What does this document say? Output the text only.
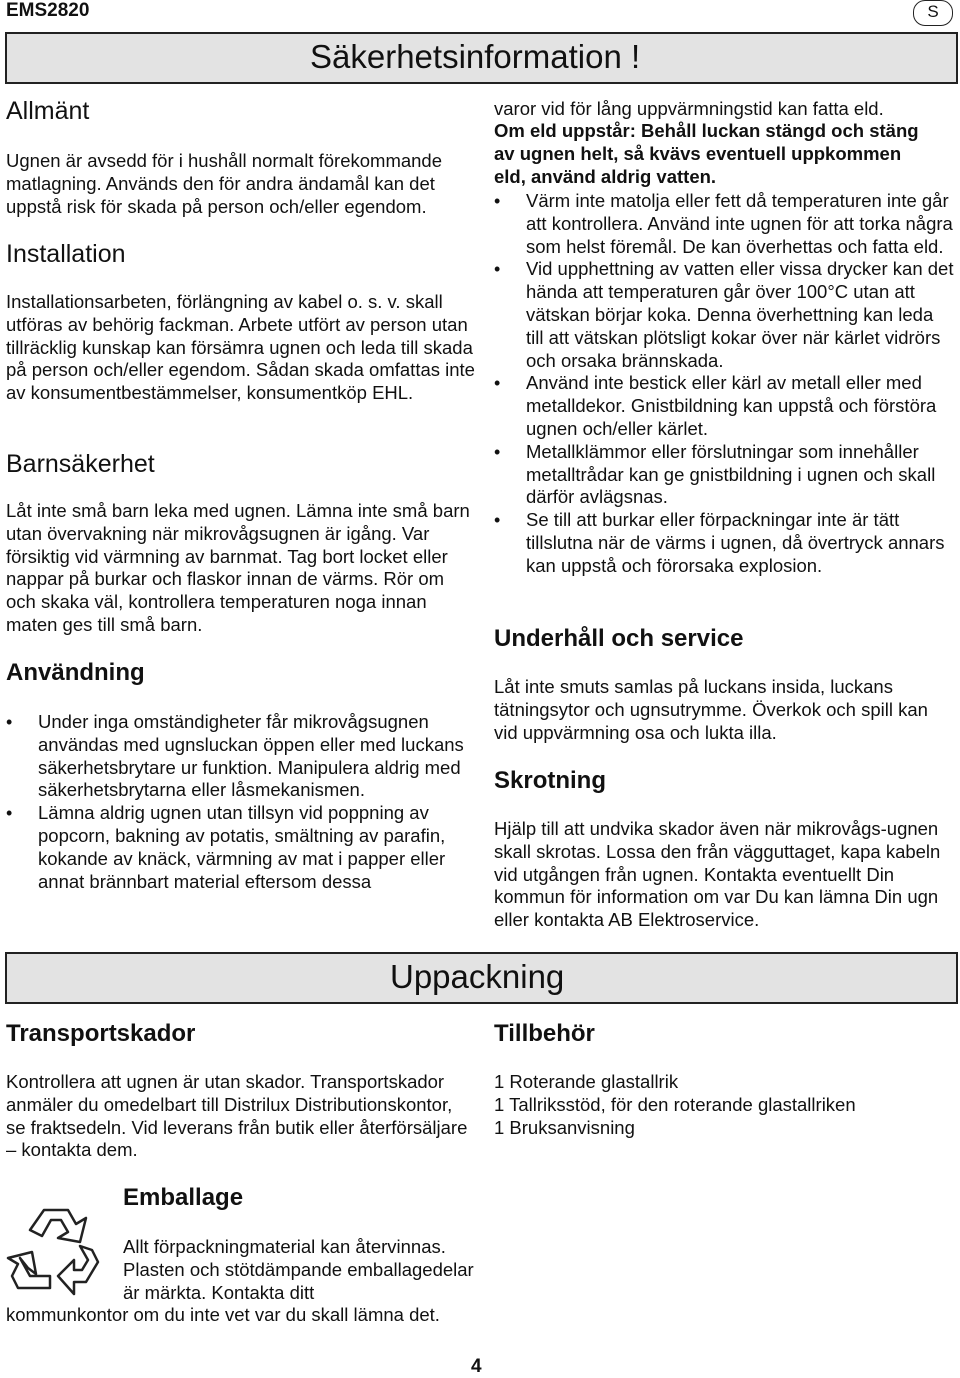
EMS2820	S
Säkerhetsinformation !
Allmänt
Ugnen är avsedd för i hushåll normalt förekommande matlagning. Används den för andra ändamål kan det uppstå risk för skada på person och/eller egendom.
Installation
Installationsarbeten, förlängning av kabel o. s. v. skall utföras av behörig fackman. Arbete utfört av person utan tillräcklig kunskap kan försämra ugnen och leda till skada på person och/eller egendom. Sådan skada omfattas inte av konsumentbestämmelser, konsumentköp EHL.
Barnsäkerhet
Låt inte små barn leka med ugnen. Lämna inte små barn utan övervakning när mikrovågsugnen är igång. Var försiktig vid värmning av barnmat. Tag bort locket eller nappar på burkar och flaskor innan de värms. Rör om och skaka väl, kontrollera temperaturen noga innan maten ges till små barn.
Användning
• Under inga omständigheter får mikrovågsugnen användas med ugnsluckan öppen eller med luckans säkerhetsbrytare ur funktion. Manipulera aldrig med säkerhetsbrytarna eller låsmekanismen.
• Lämna aldrig ugnen utan tillsyn vid poppning av popcorn, bakning av potatis, smältning av parafin, kokande av knäck, värmning av mat i papper eller annat brännbart material eftersom dessa
varor vid för lång uppvärmningstid kan fatta eld.
Om eld uppstår: Behåll luckan stängd och stäng av ugnen helt, så kvävs eventuell uppkommen eld, använd aldrig vatten.
• Värm inte matolja eller fett då temperaturen inte går att kontrollera. Använd inte ugnen för att torka några som helst föremål. De kan överhettas och fatta eld.
• Vid upphettning av vatten eller vissa drycker kan det hända att temperaturen går över 100°C utan att vätskan börjar koka. Denna överhettning kan leda till att vätskan plötsligt kokar över när kärlet vidrörs och orsaka brännskada.
• Använd inte bestick eller kärl av metall eller med metalldekor. Gnistbildning kan uppstå och förstöra ugnen och/eller kärlet.
• Metallklämmor eller förslutningar som innehåller metalltrådar kan ge gnistbildning i ugnen och skall därför avlägsnas.
• Se till att burkar eller förpackningar inte är tätt tillslutna när de värms i ugnen, då övertryck annars kan uppstå och förorsaka explosion.
Underhåll och service
Låt inte smuts samlas på luckans insida, luckans tätningsytor och ugnsutrymme. Överkok och spill kan vid uppvärmning osa och lukta illa.
Skrotning
Hjälp till att undvika skador även när mikrovågs-ugnen skall skrotas. Lossa den från vägguttaget, kapa kabeln vid utgången från ugnen. Kontakta eventuellt Din kommun för information om var Du kan lämna Din ugn eller kontakta AB Elektroservice.
Uppackning
Transportskador
Kontrollera att ugnen är utan skador. Transportskador anmäler du omedelbart till Distrilux Distributionskontor, se fraktsedeln. Vid leverans från butik eller återförsäljare – kontakta dem.
Tillbehör
1 Roterande glastallrik
1 Tallriksstöd, för den roterande glastallriken
1 Bruksanvisning
Emballage
Allt förpackningmaterial kan återvinnas. Plasten och stötdämpande emballagedelar är märkta. Kontakta ditt
kommunkontor om du inte vet var du skall lämna det.
4
